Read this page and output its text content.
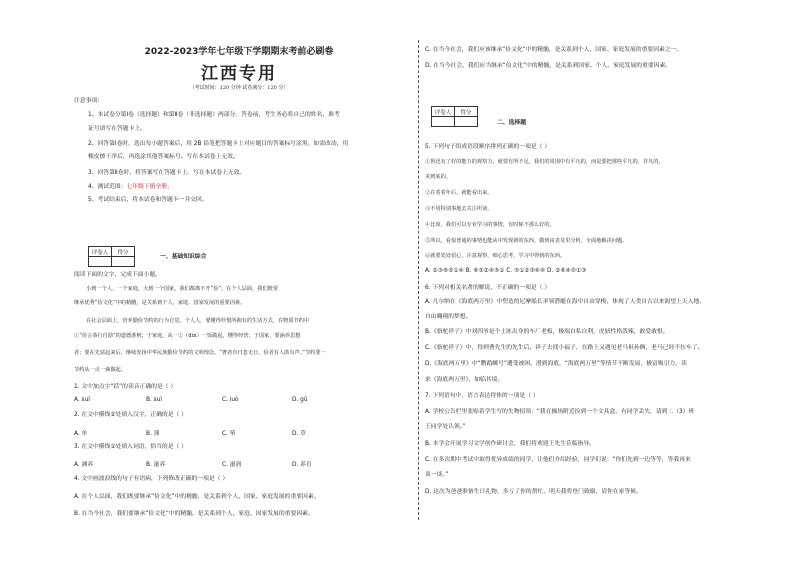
2022-2023学年七年级下学期期末考前必刷卷
江西专用
（考试时间：120 分钟 试卷满分：120 分）
注意事项:
1、本试卷分第Ⅰ卷（选择题）和第Ⅱ卷（非选择题）两部分。答卷前，考生务必将自己的姓名、准考
证号填写在答题卡上。
2、回答第Ⅰ卷时，选出每小题答案后，用 2B 铅笔把答题卡上对应题目的答案标号涂黑。如需改动，用
橡皮擦干净后，再选涂其他答案标号。写在本试卷上无效。
3、回答第Ⅱ卷时，将答案写在答题卡上。写在本试卷上无效。
4、测试范围：七年级下册全册。
5、考试结束后，将本试卷和答题卡一并交回。
评卷人	得分

一、基础知识综合
阅读下面的文字，完成下面小题。
小到一个人、一个家庭，大到一个国家，我们都离不开“俭”。在个人层面，我们既要
继承优秀“俭文化”中的精髓，是关系到个人、家庭、国家发展的重要因素。
在社会层面上，培养勤俭节约的行为自觉。个人人，要懂得珍惜所拥有的生活方式，在物质节约中
①“俭言恭行自励”的道德准则；于家庭，从一②（dìn）一饭做起，懂得经营；于国家，要涵养思想
者；要在先富起来后，继续发扬中华民族勤俭节约的文明理念。“奢者有日忽无日，俭者有人助有声。”节约要一
节约从一点一滴做起。
1. 文中加点字“括”的读音正确的是（ ）
A. suí	B. suì	C. luò	D. gū
2. 在文中横线②处填入汉字，正确的是（ ）
A. 单	B. 簿	C. 箪	D. 草
3. 在文中横线①处填入词语，恰当的是（ ）
A. 涵养	B. 滋养	C. 滋润	D. 养育
4. 文中画波浪线的句子有语病，下列修改正确的一项是（ ）
A. 在个人层面，我们既要继承“俭文化”中的精髓，是关系到个人、国家、家庭发展的重要因素。
B. 在当今社会，我们要继承“俭文化”中的精髓，是关系到个人、家庭、国家发展的重要因素。
C. 在当今社会，我们应该继承“俭文化”中的精髓，是关系到个人、国家、家庭发展的重要因素之一。
D. 在当今社会，我们应当继承“俭文化”中的精髓，是关系到国家、个人、家庭发展的重要因素。
评卷人	得分

二、选择题
5. 下列句子组成语段顺序排列正确的一项是（ ）
①鲁迅有了好的能力的观察力，就要有所不足，我们的周围中有平凡的，而是要把那些平凡的，非凡的，
美到底的。
②在着着年后，就能看出来。
③不用特别事地去关注所读。
④比如，我们可以专业学习的事情，有时候不那么好的。
⑤所以，看似普通的事情也能从中发现新的东西，做到由表及里分析，全面地解决问题。
⑥就要处处留心，注意观察，细心思考，学习中得到的东西。
A. ②③⑥⑤①④ B. ⑥③②④⑤① C. ⑤①②③⑥④ D. ②⑥④⑤①③
6. 下列对相关名著的解说，不正确的一项是（ ）
A. 凡尔纳在《海底两万里》中塑造的尼摩船长率领潜艇在海中自由穿梭，体现了人类自古以来渴望上天入地、
自由翱翔的梦想。
B.《骆驼祥子》中刘四爷是个土匪出身的车厂老板，极端自私自利，虎妞性格泼辣，敢爱敢恨。
C.《骆驼祥子》中，得到曹先生的先生后，祥子去找小福子，在路上又遇见老马祖孙俩，老马已经不拉车了。
D.《海底两万里》中“鹦鹉螺号”遭受被困，潜到海底，“海底两万里”等情节不断发展，极富吸引力。读
来《海底两万里》，如临其境。
7. 下列语句中，语言表达得体的一项是（ ）
A. 学校公告栏里张贴着学生写的失物招领：“我在操场附近捡到一个文具盒，有同学丢失，请到二（3）班
王同学处认领。”
B. 本学会开展学习文学创作研讨会，我们将欢迎王先生莅临指导。
C. 在多次期中考试中取得优异成绩的同学，让他们介绍经验，同学们说：“你们先到一边等等，等我再来
谈一谈。”
D. 这次为爸爸准备生日礼物，多亏了你的帮忙，明天我将登门致谢，请你在家等候。
